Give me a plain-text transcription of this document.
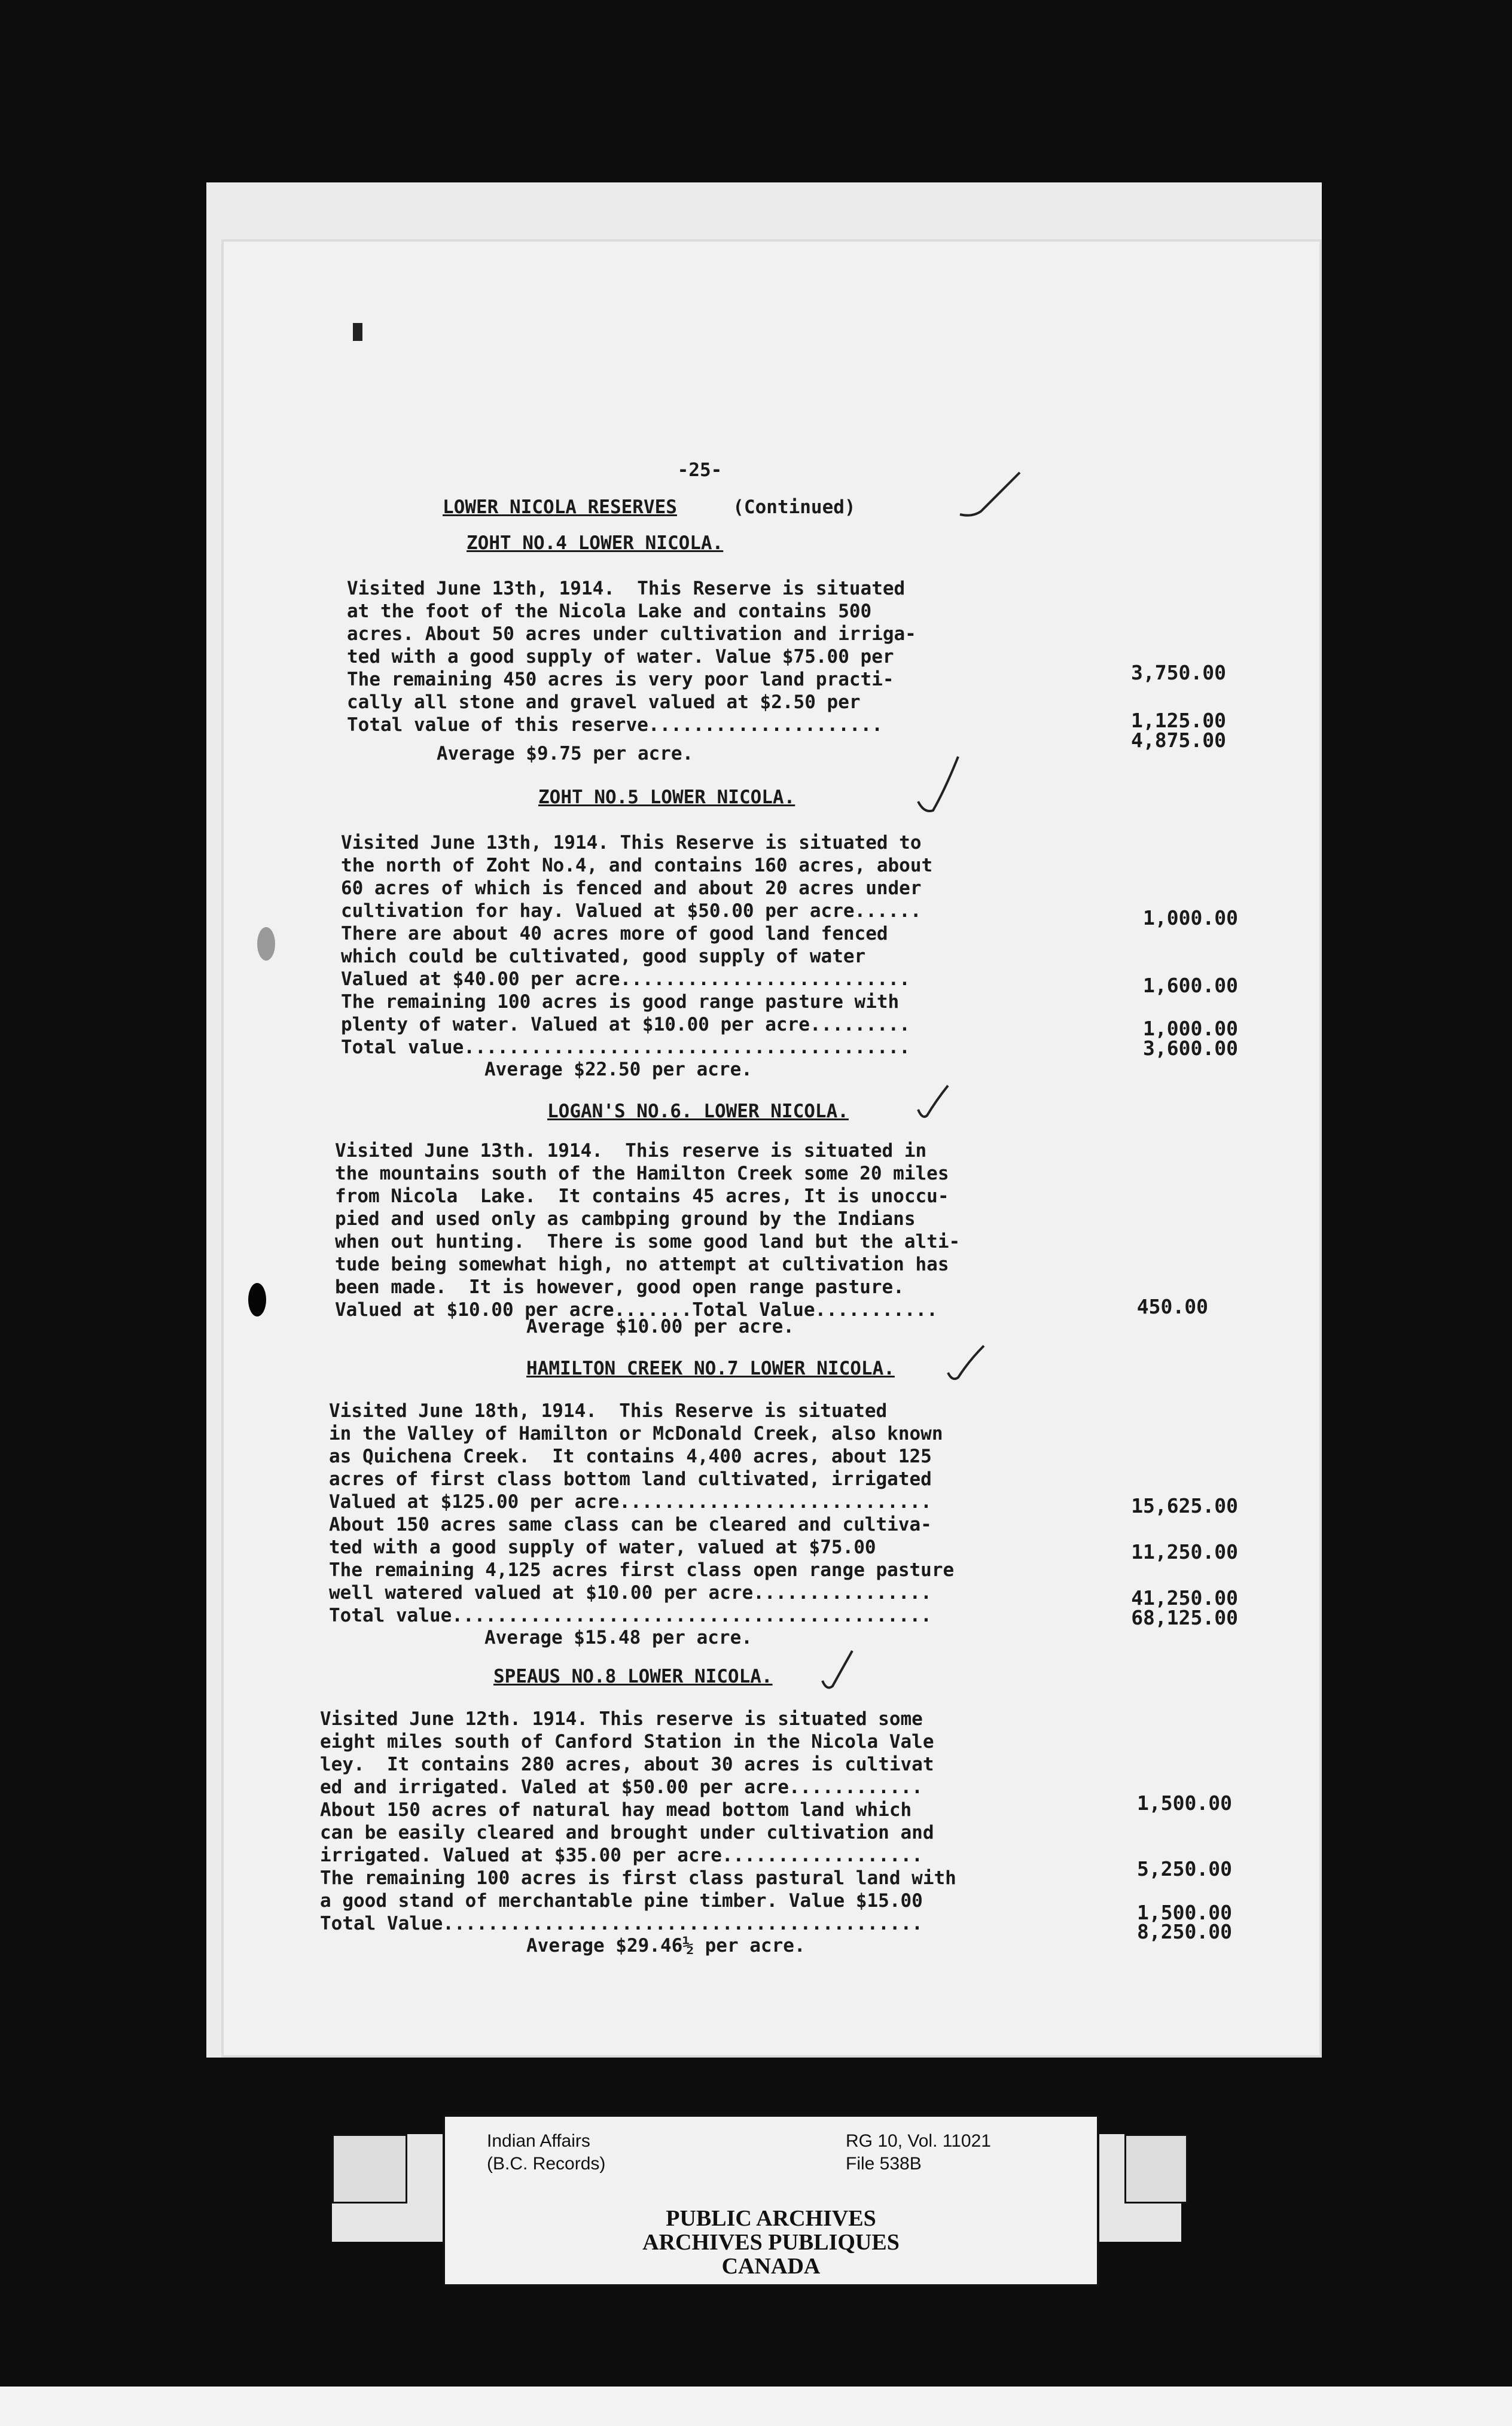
-25-
LOWER NICOLA RESERVES	(Continued)
ZOHT NO.4 LOWER NICOLA.
Visited June 13th, 1914.  This Reserve is situated
at the foot of the Nicola Lake and contains 500
acres. About 50 acres under cultivation and irriga-
ted with a good supply of water. Value $75.00 per
The remaining 450 acres is very poor land practi-
cally all stone and gravel valued at $2.50 per
Total value of this reserve.....................
Average $9.75 per acre.
3,750.00
1,125.00
4,875.00
ZOHT NO.5 LOWER NICOLA.
Visited June 13th, 1914. This Reserve is situated to
the north of Zoht No.4, and contains 160 acres, about
60 acres of which is fenced and about 20 acres under
cultivation for hay. Valued at $50.00 per acre......
There are about 40 acres more of good land fenced
which could be cultivated, good supply of water
Valued at $40.00 per acre..........................
The remaining 100 acres is good range pasture with
plenty of water. Valued at $10.00 per acre.........
Total value........................................
Average $22.50 per acre.
1,000.00
1,600.00
1,000.00
3,600.00
LOGAN'S NO.6. LOWER NICOLA.
Visited June 13th. 1914.  This reserve is situated in
the mountains south of the Hamilton Creek some 20 miles
from Nicola  Lake.  It contains 45 acres, It is unoccu-
pied and used only as cambping ground by the Indians
when out hunting.  There is some good land but the alti-
tude being somewhat high, no attempt at cultivation has
been made.  It is however, good open range pasture.
Valued at $10.00 per acre.......Total Value...........
Average $10.00 per acre.
450.00
HAMILTON CREEK NO.7 LOWER NICOLA.
Visited June 18th, 1914.  This Reserve is situated
in the Valley of Hamilton or McDonald Creek, also known
as Quichena Creek.  It contains 4,400 acres, about 125
acres of first class bottom land cultivated, irrigated
Valued at $125.00 per acre............................
About 150 acres same class can be cleared and cultiva-
ted with a good supply of water, valued at $75.00
The remaining 4,125 acres first class open range pasture
well watered valued at $10.00 per acre................
Total value...........................................
Average $15.48 per acre.
15,625.00
11,250.00
41,250.00
68,125.00
SPEAUS NO.8 LOWER NICOLA.
Visited June 12th. 1914. This reserve is situated some
eight miles south of Canford Station in the Nicola Vale
ley.  It contains 280 acres, about 30 acres is cultivat
ed and irrigated. Valed at $50.00 per acre............
About 150 acres of natural hay mead bottom land which
can be easily cleared and brought under cultivation and
irrigated. Valued at $35.00 per acre..................
The remaining 100 acres is first class pastural land with
a good stand of merchantable pine timber. Value $15.00
Total Value...........................................
Average $29.46½ per acre.
1,500.00
5,250.00
1,500.00
8,250.00
Indian Affairs
(B.C. Records)
RG 10, Vol. 11021
File 538B
PUBLIC ARCHIVES
ARCHIVES PUBLIQUES
CANADA
